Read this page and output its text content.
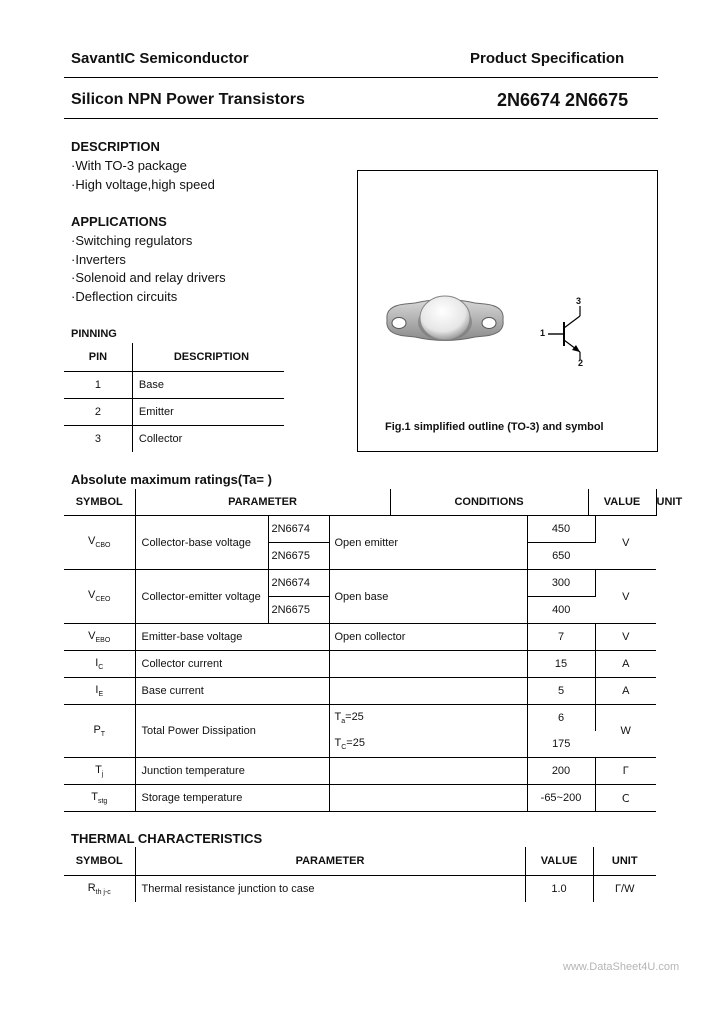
SavantIC Semiconductor	Product Specification
Silicon NPN Power Transistors	2N6674 2N6675
DESCRIPTION
·With TO-3 package
·High voltage,high speed
APPLICATIONS
·Switching regulators
·Inverters
·Solenoid and relay drivers
·Deflection circuits
PINNING
PIN	DESCRIPTION
1	Base
2	Emitter
3	Collector
3
1
2
Fig.1 simplified outline (TO-3) and symbol
Absolute maximum ratings(Ta= )
SYMBOL	PARAMETER	CONDITIONS	VALUE	UNIT
$V_{CBO}$	Collector-base voltage	2N6674	Open emitter	450	V
		2N6675		650	
$V_{CEO}$	Collector-emitter voltage	2N6674	Open base	300	V
		2N6675		400	
$V_{EBO}$	Emitter-base voltage		Open collector	7	V
$I_C$	Collector current			15	A
$I_E$	Base current			5	A
$P_T$	Total Power Dissipation		$T_a=25$	6	W
			$T_C=25$	175	
$T_j$	Junction temperature			200	Γ
$T_{stg}$	Storage temperature			-65~200	Ⅽ
THERMAL CHARACTERISTICS
SYMBOL	PARAMETER	VALUE	UNIT
$R_{th j-c}$	Thermal resistance junction to case	1.0	Γ/W
www.DataSheet4U.com
